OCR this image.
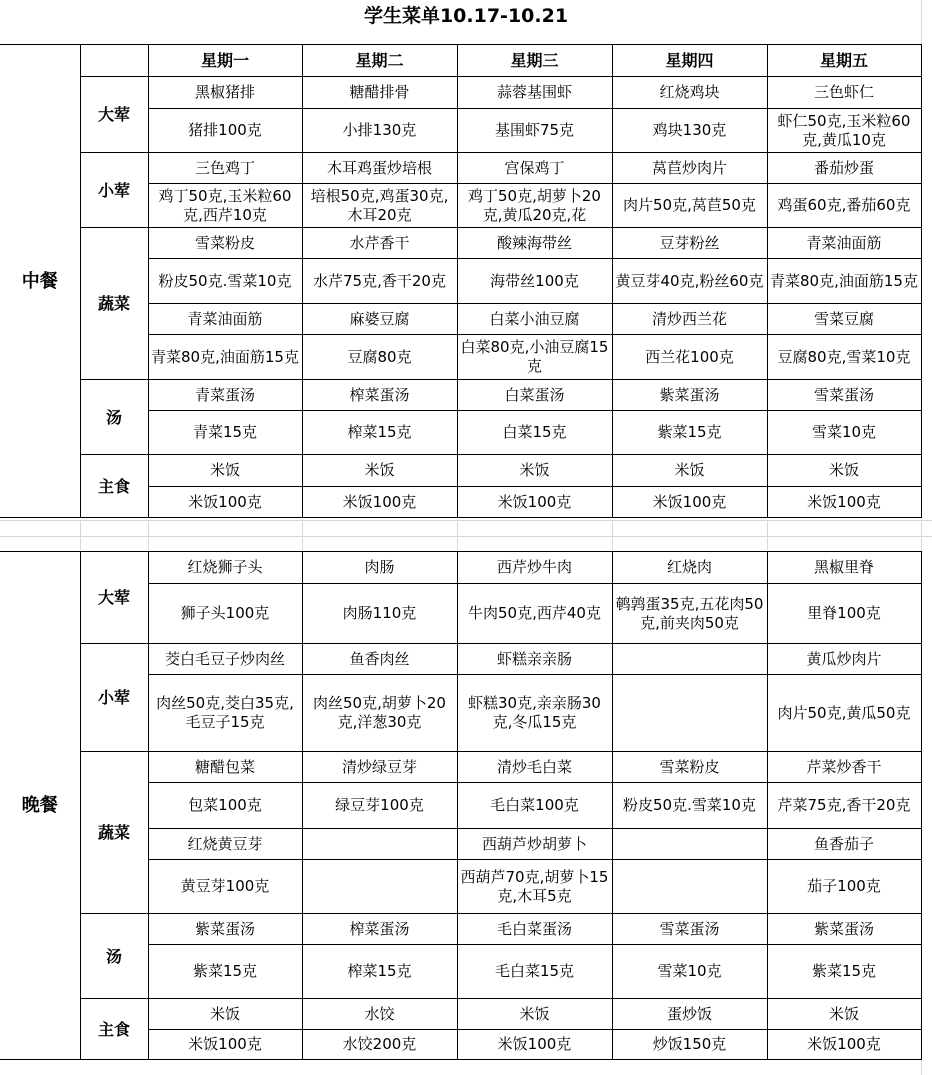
学生菜单10.17-10.21
中餐		星期一	星期二	星期三	星期四	星期五
	大荤	黑椒猪排	糖醋排骨	蒜蓉基围虾	红烧鸡块	三色虾仁
		猪排100克	小排130克	基围虾75克	鸡块130克	虾仁50克,玉米粒60克,黄瓜10克
	小荤	三色鸡丁	木耳鸡蛋炒培根	宫保鸡丁	莴苣炒肉片	番茄炒蛋
		鸡丁50克,玉米粒60克,西芹10克	培根50克,鸡蛋30克,木耳20克	鸡丁50克,胡萝卜20克,黄瓜20克,花	肉片50克,莴苣50克	鸡蛋60克,番茄60克
	蔬菜	雪菜粉皮	水芹香干	酸辣海带丝	豆芽粉丝	青菜油面筋
		粉皮50克.雪菜10克	水芹75克,香干20克	海带丝100克	黄豆芽40克,粉丝60克	青菜80克,油面筋15克
		青菜油面筋	麻婆豆腐	白菜小油豆腐	清炒西兰花	雪菜豆腐
		青菜80克,油面筋15克	豆腐80克	白菜80克,小油豆腐15克	西兰花100克	豆腐80克,雪菜10克
	汤	青菜蛋汤	榨菜蛋汤	白菜蛋汤	紫菜蛋汤	雪菜蛋汤
		青菜15克	榨菜15克	白菜15克	紫菜15克	雪菜10克
	主食	米饭	米饭	米饭	米饭	米饭
		米饭100克	米饭100克	米饭100克	米饭100克	米饭100克
晚餐	大荤	红烧狮子头	肉肠	西芹炒牛肉	红烧肉	黑椒里脊
		狮子头100克	肉肠110克	牛肉50克,西芹40克	鹌鹑蛋35克,五花肉50克,前夹肉50克	里脊100克
	小荤	茭白毛豆子炒肉丝	鱼香肉丝	虾糕亲亲肠		黄瓜炒肉片
		肉丝50克,茭白35克,毛豆子15克	肉丝50克,胡萝卜20克,洋葱30克	虾糕30克,亲亲肠30克,冬瓜15克		肉片50克,黄瓜50克
	蔬菜	糖醋包菜	清炒绿豆芽	清炒毛白菜	雪菜粉皮	芹菜炒香干
		包菜100克	绿豆芽100克	毛白菜100克	粉皮50克.雪菜10克	芹菜75克,香干20克
		红烧黄豆芽		西葫芦炒胡萝卜		鱼香茄子
		黄豆芽100克		西葫芦70克,胡萝卜15克,木耳5克		茄子100克
	汤	紫菜蛋汤	榨菜蛋汤	毛白菜蛋汤	雪菜蛋汤	紫菜蛋汤
		紫菜15克	榨菜15克	毛白菜15克	雪菜10克	紫菜15克
	主食	米饭	水饺	米饭	蛋炒饭	米饭
		米饭100克	水饺200克	米饭100克	炒饭150克	米饭100克
